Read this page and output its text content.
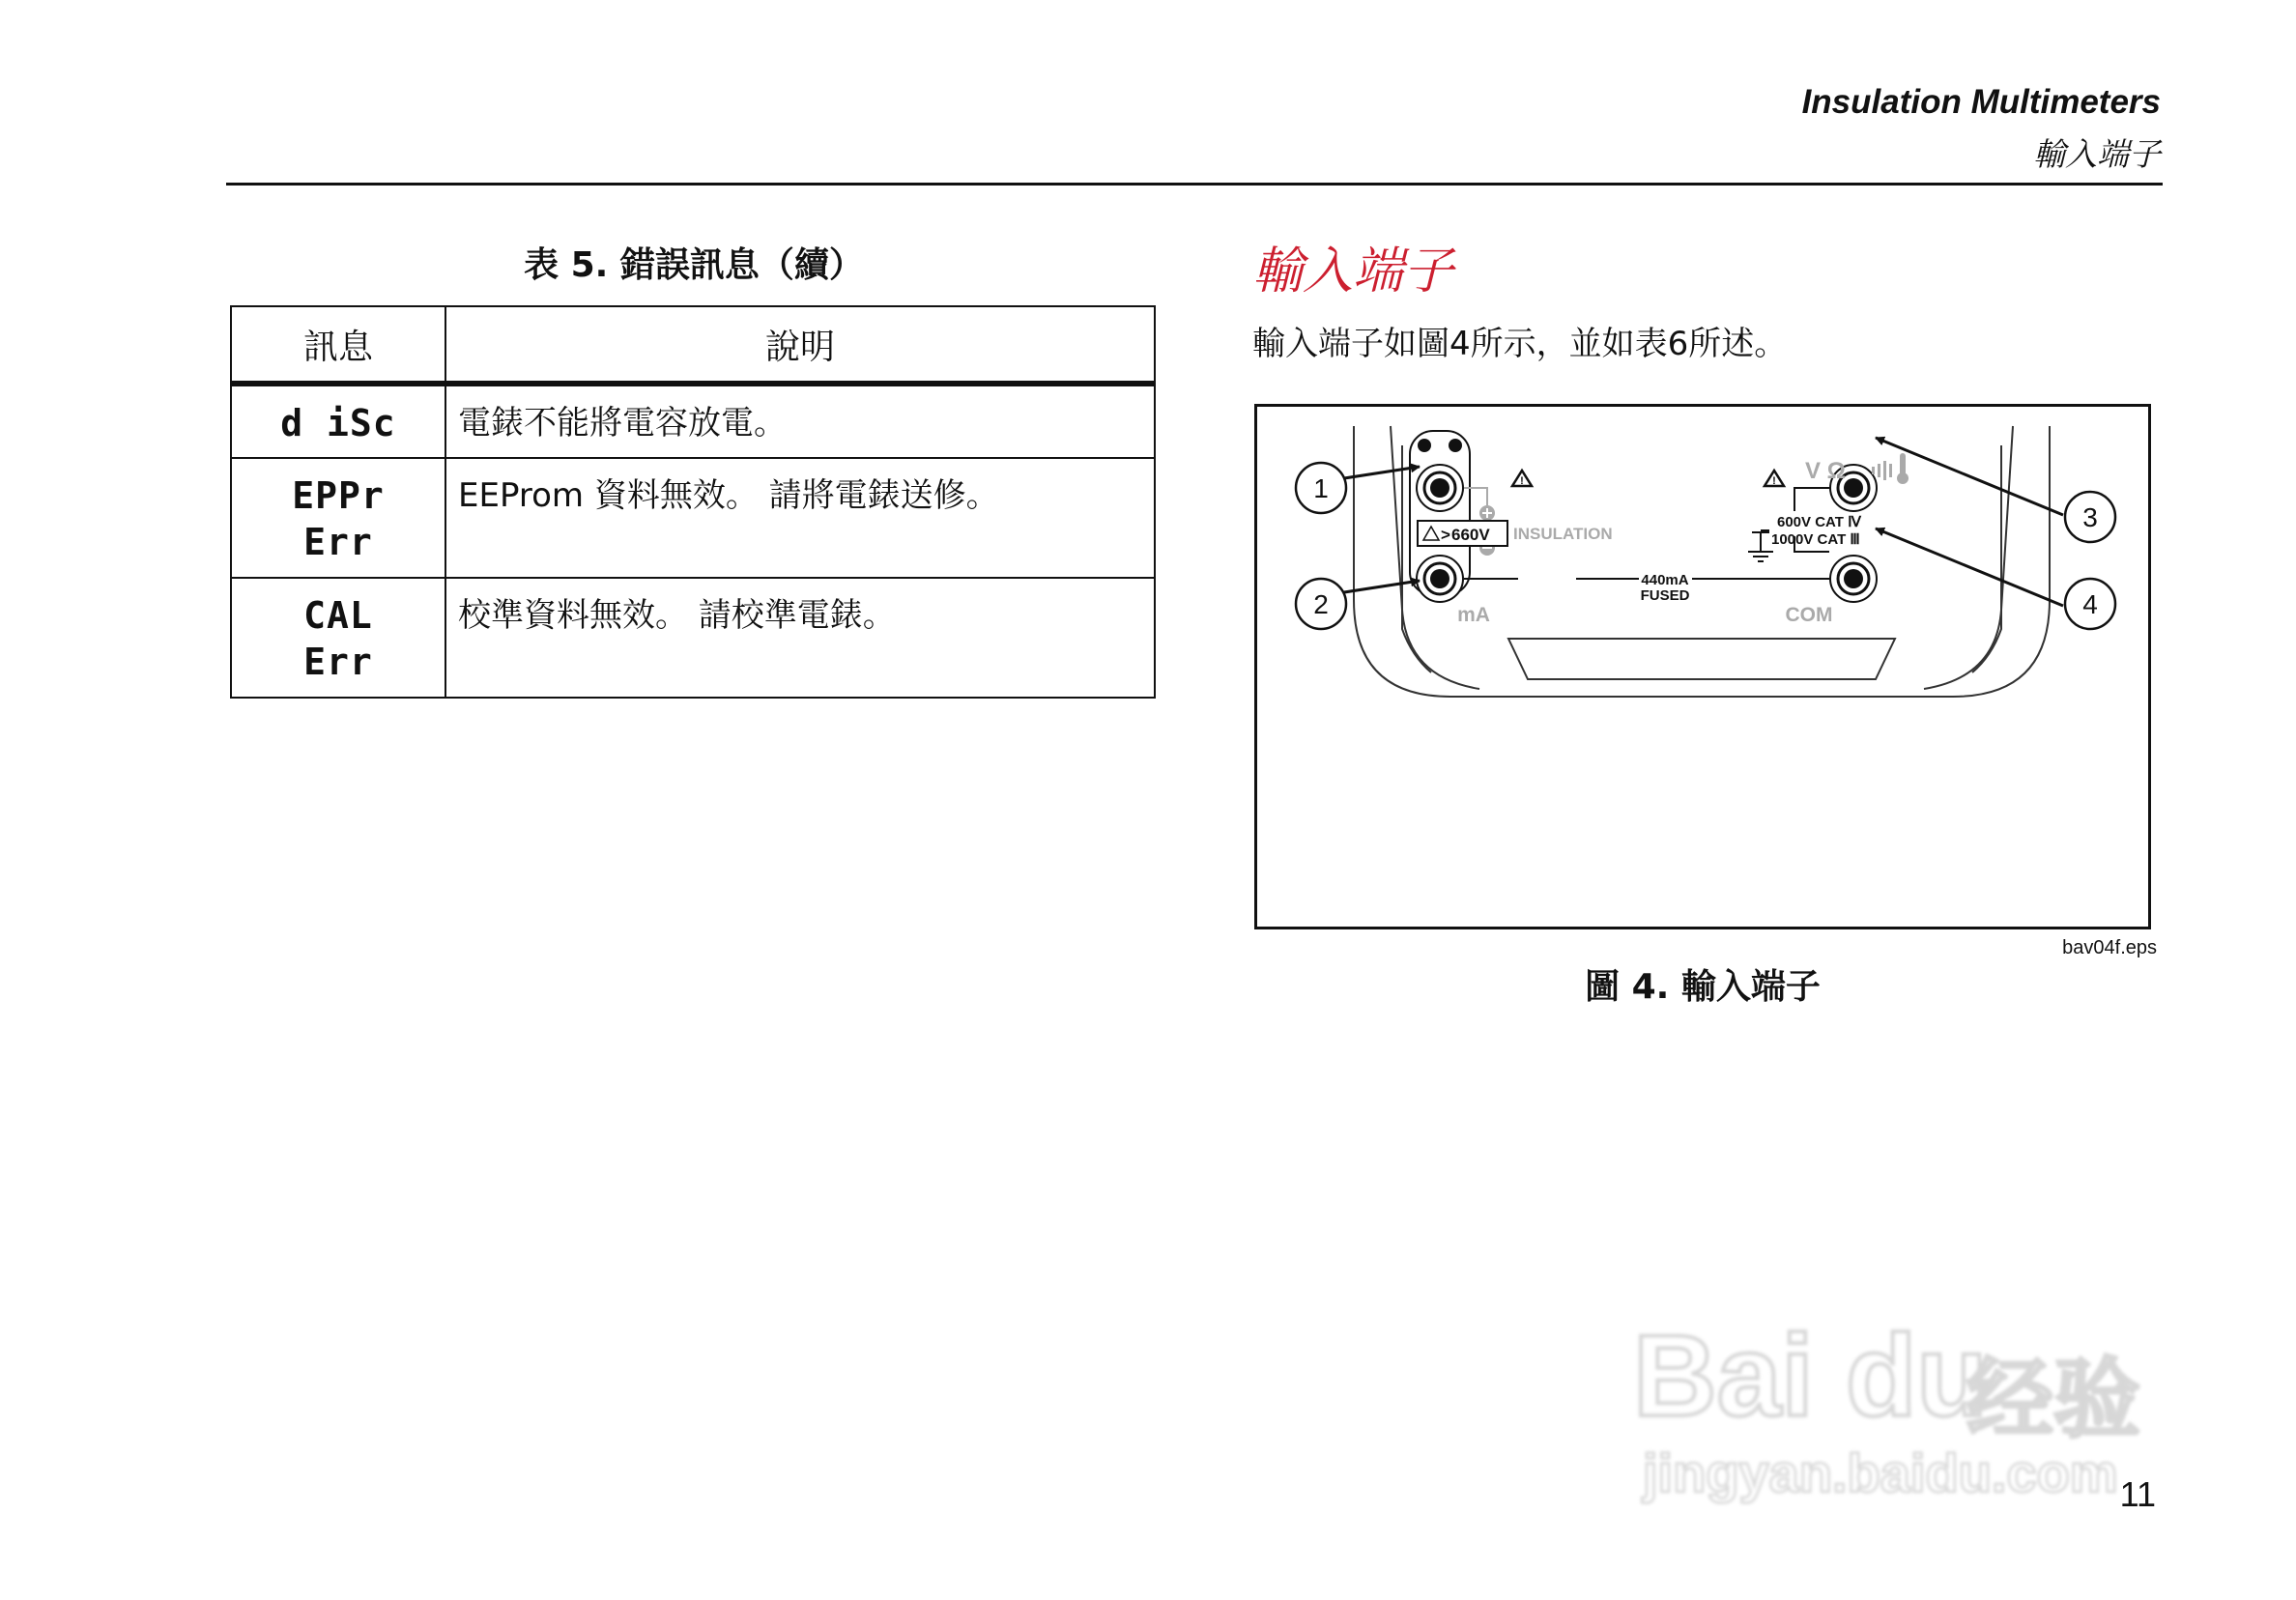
Insulation Multimeters
輸入端子
表 5. 錯誤訊息（續）
訊息	說明

d iSc	電錶不能將電容放電。

EPPr
Err	EEProm 資料無效。 請將電錶送修。

CAL
Err	校準資料無效。 請校準電錶。
輸入端子
輸入端子如圖4所示，並如表6所述。
!	!
> 660V
V Ω
INSULATION
600V CAT Ⅳ
1000V CAT Ⅲ
440mA
FUSED
mA	COM
1
2
3
4
bav04f.eps
圖 4. 輸入端子
11
Bai du
经验
jingyan.baidu.com
